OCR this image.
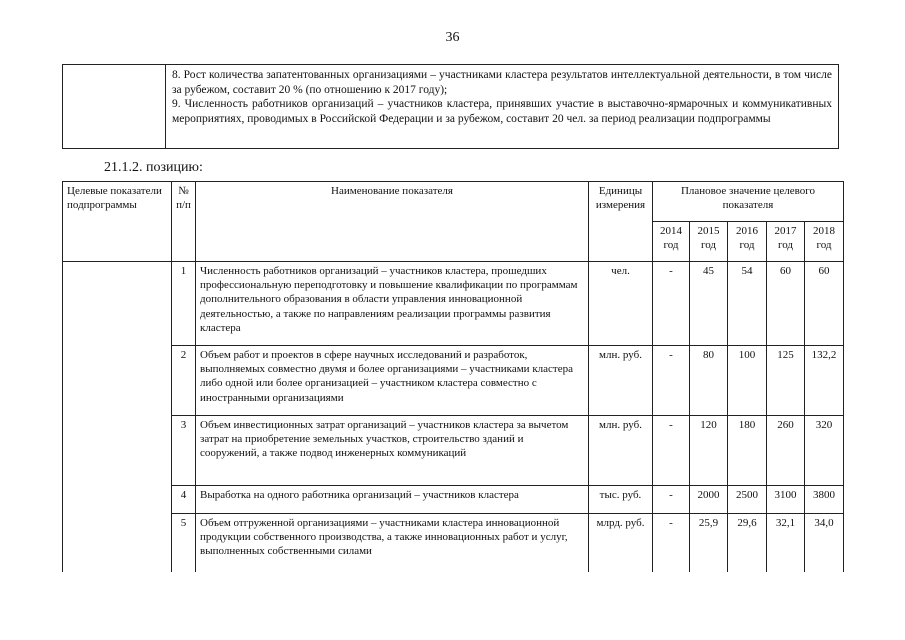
36

8. Рост количества запатентованных организациями – участниками кластера результатов интеллектуальной деятельности, в том числе за рубежом, составит 20 % (по отношению к 2017 году);

9. Численность работников организаций – участников кластера, принявших участие в выставочно-ярмарочных и коммуникативных мероприятиях, проводимых в Российской Федерации и за рубежом, составит 20 чел. за период реализации подпрограммы

21.1.2. позицию:
Целевые показатели подпрограммы	№ п/п	Наименование показателя	Единицы измерения	Плановое значение целевого показателя				
				2014 год	2015 год	2016 год	2017 год	2018 год
	1	Численность работников организаций – участников кластера, прошедших профессиональную переподготовку и повышение квалификации по программам дополнительного образования в области управления инновационной деятельностью, а также по направлениям реализации программы развития кластера	чел.	-	45	54	60	60
	2	Объем работ и проектов в сфере научных исследований и разработок, выполняемых совместно двумя и более организациями – участниками кластера либо одной или более организацией – участником кластера совместно с иностранными организациями	млн. руб.	-	80	100	125	132,2
	3	Объем инвестиционных затрат организаций – участников кластера за вычетом затрат на приобретение земельных участков, строительство зданий и сооружений, а также подвод инженерных коммуникаций	млн. руб.	-	120	180	260	320
	4	Выработка на одного работника организаций – участников кластера	тыс. руб.	-	2000	2500	3100	3800
	5	Объем отгруженной организациями – участниками кластера инновационной продукции собственного производства, а также инновационных работ и услуг, выполненных собственными силами	млрд. руб.	-	25,9	29,6	32,1	34,0
